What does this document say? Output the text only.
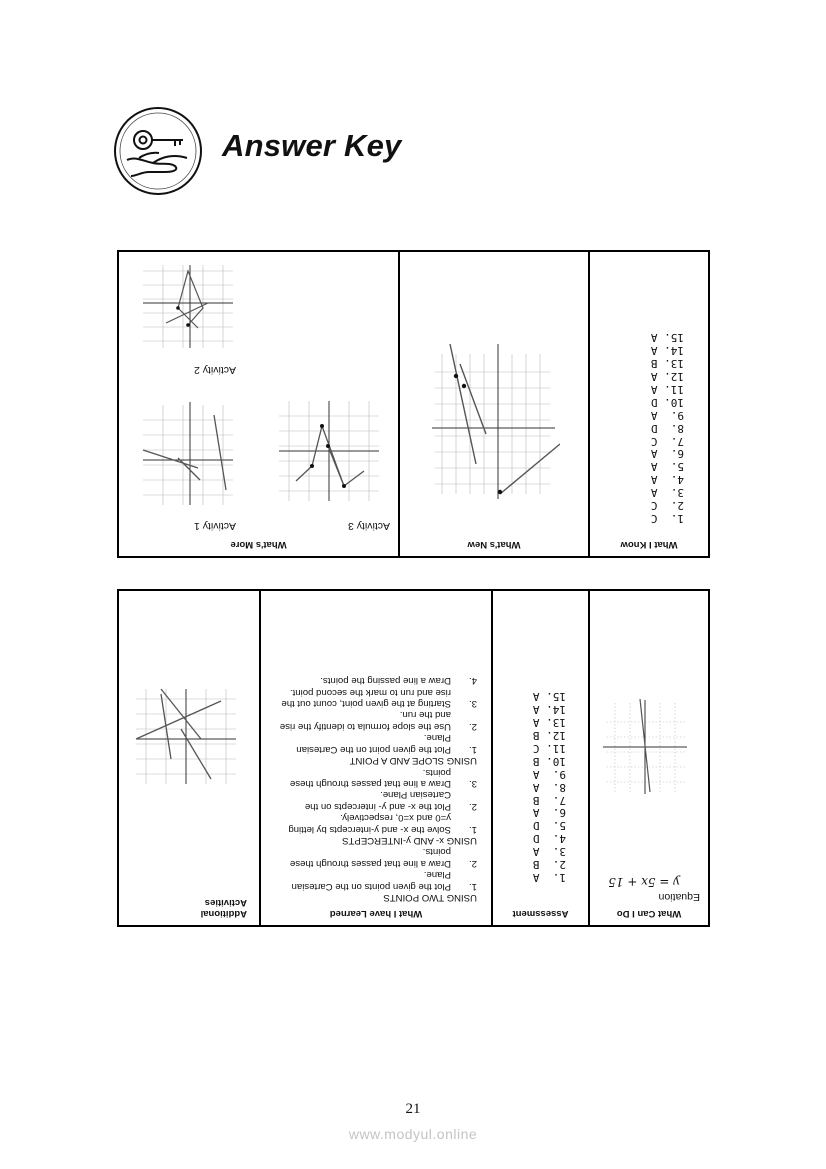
Answer Key
What I Know
1.  C
2.  C
3.  A
4.  A
5.  A
6.  A
7.  C
8.  D
9.  A
10. D
11. A
12. A
13. B
14. A
15. A
What's New
What's More
Activity 1	Activity 3
Activity 2
What Can I Do
Equation
y = 5x + 15
Assessment
1.  A
2.  B
3.  A
4.  D
5.  D
6.  A
7.  B
8.  A
9.  A
10. B
11. C
12. B
13. A
14. A
15. A
What I have Learned
USING TWO POINTS
1.
Plot the given points on the Cartesian Plane.
2.
Draw a line that passes through these points.
USING x- AND y-INTERCEPTS
1.
Solve the x- and y-intercepts by letting y=0 and x=0, respectively.
2.
Plot the x- and y- intercepts on the Cartesian Plane.
3.
Draw a line that passes through these points.
USING SLOPE AND A POINT
1.
Plot the given point on the Cartesian Plane.
2.
Use the slope formula to identify the rise and the run.
3.
Starting at the given point, count out the rise and run to mark the second point.
4.
Draw a line passing the points.
Additional Activities
21
www.modyul.online
